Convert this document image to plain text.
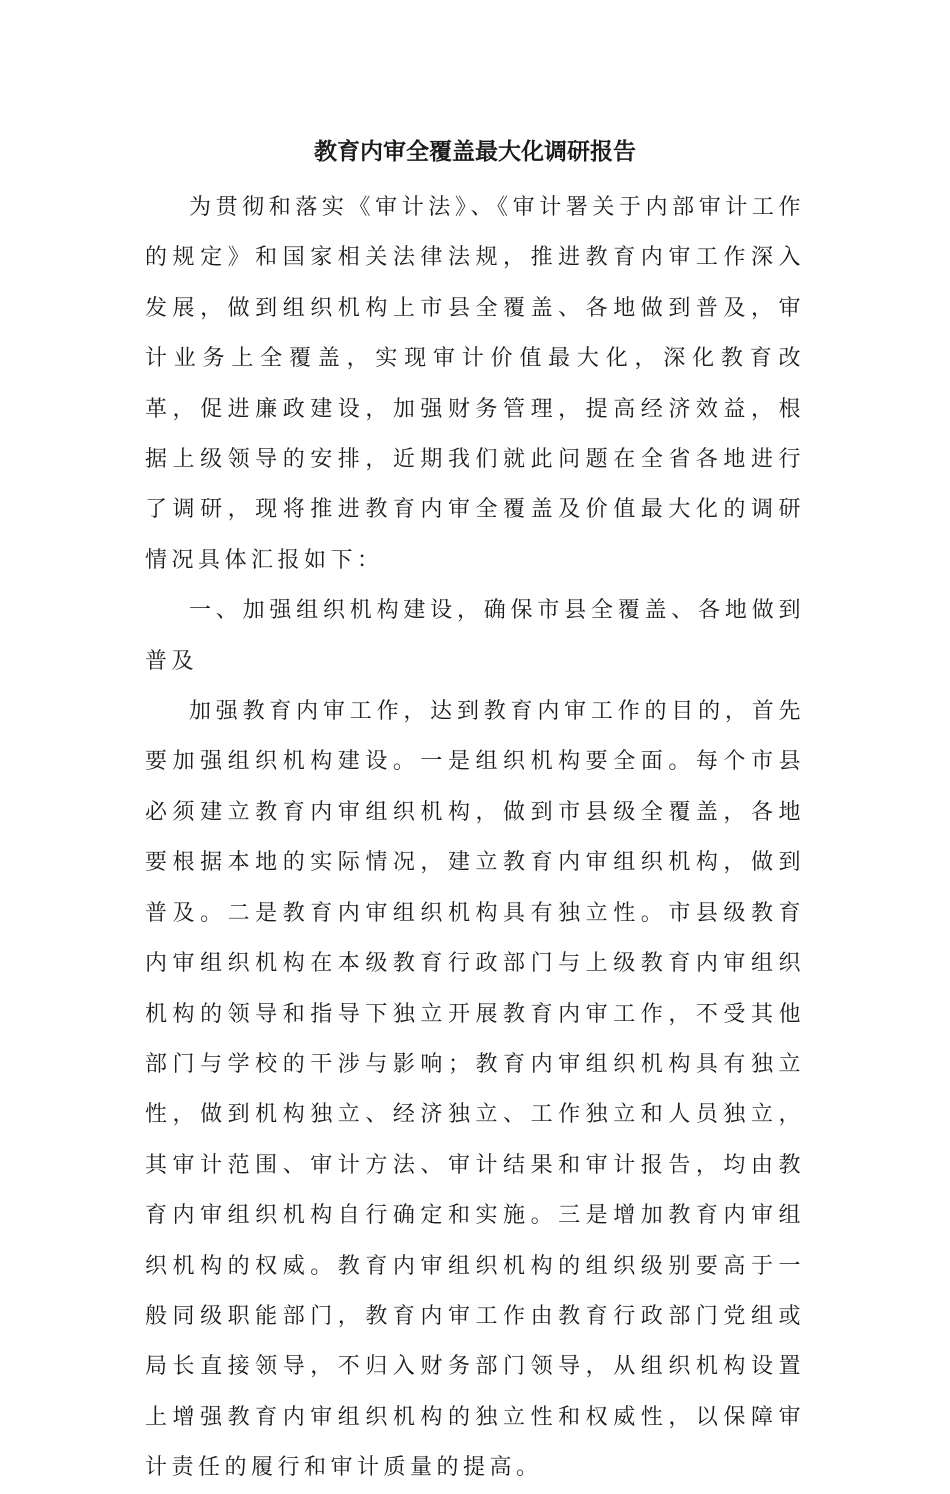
教育内审全覆盖最大化调研报告

为贯彻和落实《审计法》、《审计署关于内部审计工作的规定》和国家相关法律法规，推进教育内审工作深入发展，做到组织机构上市县全覆盖、各地做到普及，审计业务上全覆盖，实现审计价值最大化，深化教育改革，促进廉政建设，加强财务管理，提高经济效益，根据上级领导的安排，近期我们就此问题在全省各地进行了调研，现将推进教育内审全覆盖及价值最大化的调研情况具体汇报如下：

一、加强组织机构建设，确保市县全覆盖、各地做到普及

加强教育内审工作，达到教育内审工作的目的，首先要加强组织机构建设。一是组织机构要全面。每个市县必须建立教育内审组织机构，做到市县级全覆盖，各地要根据本地的实际情况，建立教育内审组织机构，做到普及。二是教育内审组织机构具有独立性。市县级教育内审组织机构在本级教育行政部门与上级教育内审组织机构的领导和指导下独立开展教育内审工作，不受其他部门与学校的干涉与影响；教育内审组织机构具有独立性，做到机构独立、经济独立、工作独立和人员独立，其审计范围、审计方法、审计结果和审计报告，均由教育内审组织机构自行确定和实施。三是增加教育内审组织机构的权威。教育内审组织机构的组织级别要高于一般同级职能部门，教育内审工作由教育行政部门党组或局长直接领导，不归入财务部门领导，从组织机构设置上增强教育内审组织机构的独立性和权威性，以保障审计责任的履行和审计质量的提高。
